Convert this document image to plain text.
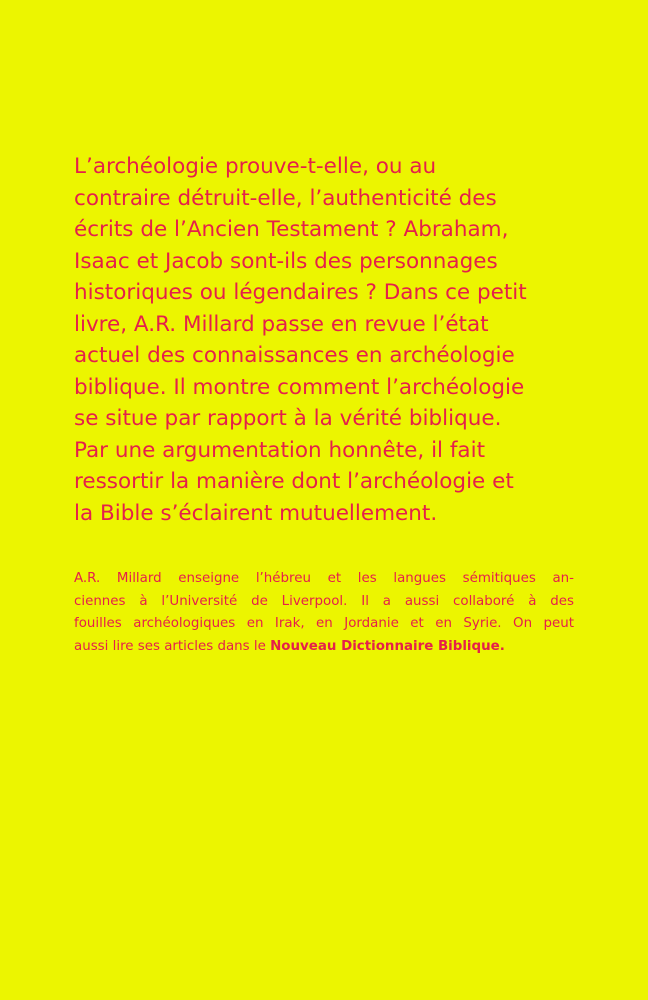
L’archéologie prouve-t-elle, ou au
contraire détruit-elle, l’authenticité des
écrits de l’Ancien Testament ? Abraham,
Isaac et Jacob sont-ils des personnages
historiques ou légendaires ? Dans ce petit
livre, A.R. Millard passe en revue l’état
actuel des connaissances en archéologie
biblique. Il montre comment l’archéologie
se situe par rapport à la vérité biblique.
Par une argumentation honnête, il fait
ressortir la manière dont l’archéologie et
la Bible s’éclairent mutuellement.
A.R. Millard enseigne l’hébreu et les langues sémitiques an-
ciennes à l’Université de Liverpool. Il a aussi collaboré à des
fouilles archéologiques en Irak, en Jordanie et en Syrie. On peut
aussi lire ses articles dans le Nouveau Dictionnaire Biblique.
